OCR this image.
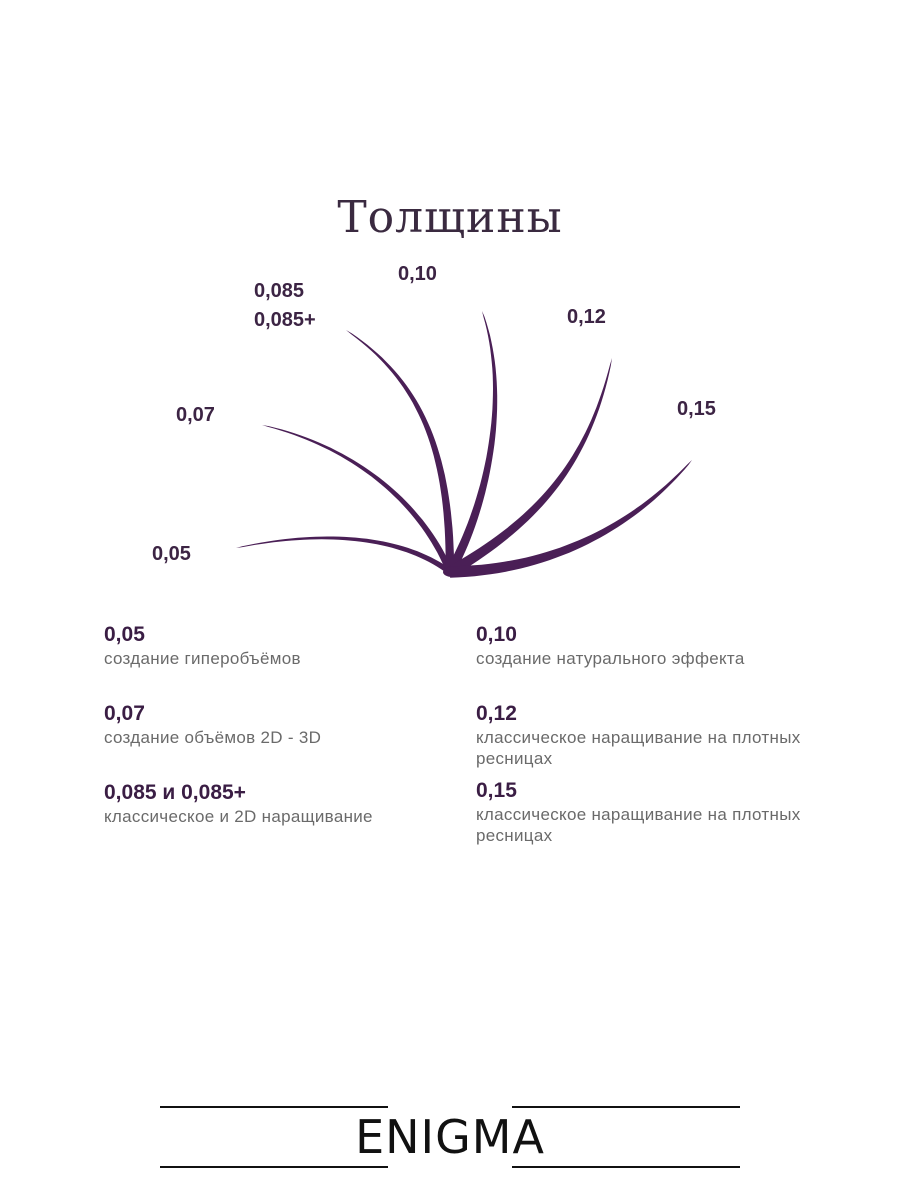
Толщины
0,05
0,07
0,085
0,085+
0,10
0,12
0,15
0,05
создание гиперобъёмов
0,10
создание натурального эффекта
0,07
создание объёмов 2D - 3D
0,12
классическое наращивание на плотных ресницах
0,085 и 0,085+
классическое и 2D наращивание
0,15
классическое наращивание на плотных ресницах
ENIGMA
